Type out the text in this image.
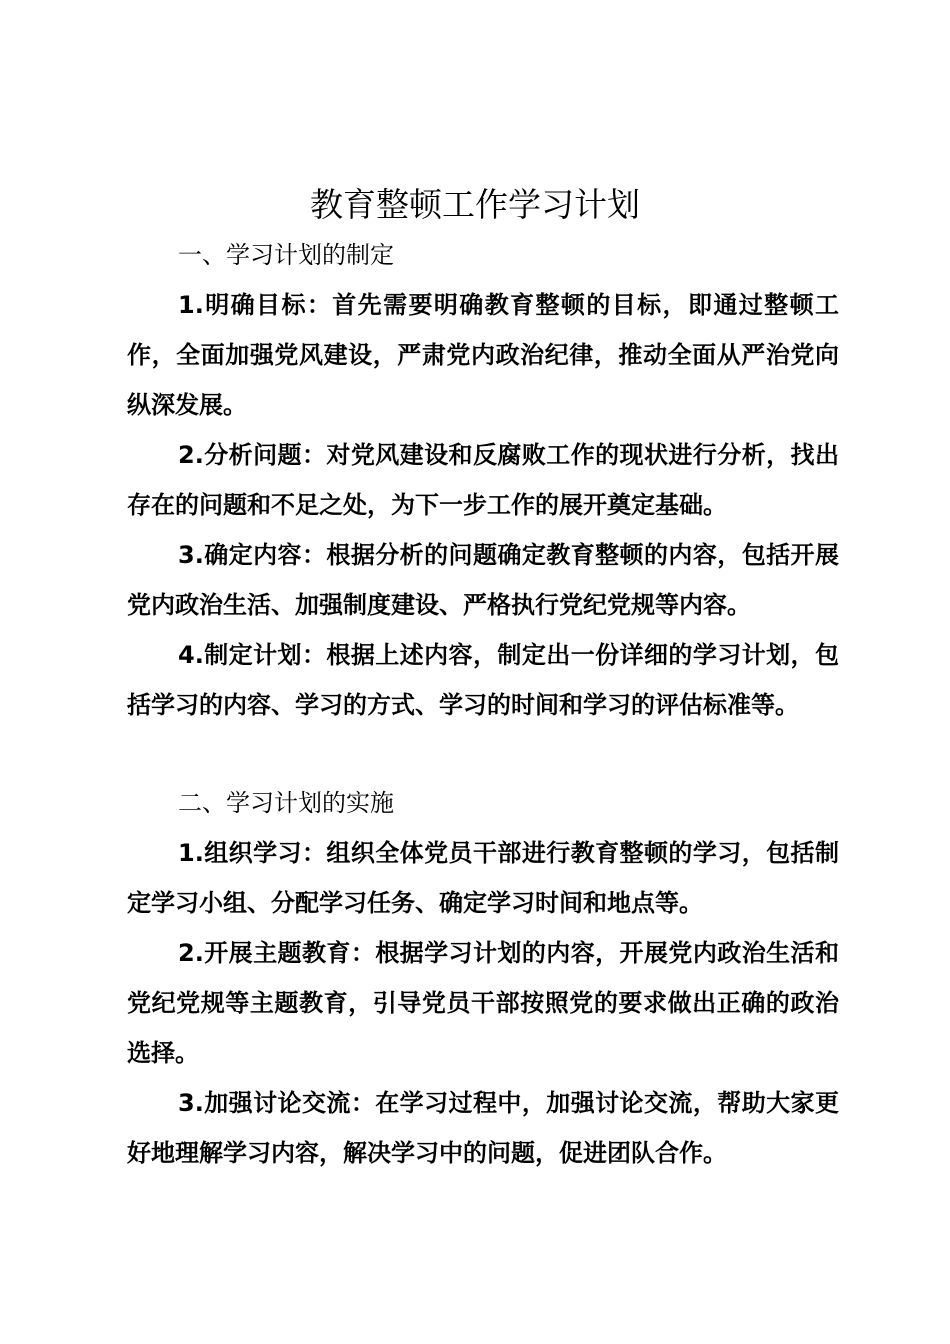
教育整顿工作学习计划
一、学习计划的制定

1.明确目标：首先需要明确教育整顿的目标，即通过整顿工作，全面加强党风建设，严肃党内政治纪律，推动全面从严治党向纵深发展。

2.分析问题：对党风建设和反腐败工作的现状进行分析，找出存在的问题和不足之处，为下一步工作的展开奠定基础。

3.确定内容：根据分析的问题确定教育整顿的内容，包括开展党内政治生活、加强制度建设、严格执行党纪党规等内容。

4.制定计划：根据上述内容，制定出一份详细的学习计划，包括学习的内容、学习的方式、学习的时间和学习的评估标准等。

二、学习计划的实施

1.组织学习：组织全体党员干部进行教育整顿的学习，包括制定学习小组、分配学习任务、确定学习时间和地点等。

2.开展主题教育：根据学习计划的内容，开展党内政治生活和党纪党规等主题教育，引导党员干部按照党的要求做出正确的政治选择。

3.加强讨论交流：在学习过程中，加强讨论交流，帮助大家更好地理解学习内容，解决学习中的问题，促进团队合作。
